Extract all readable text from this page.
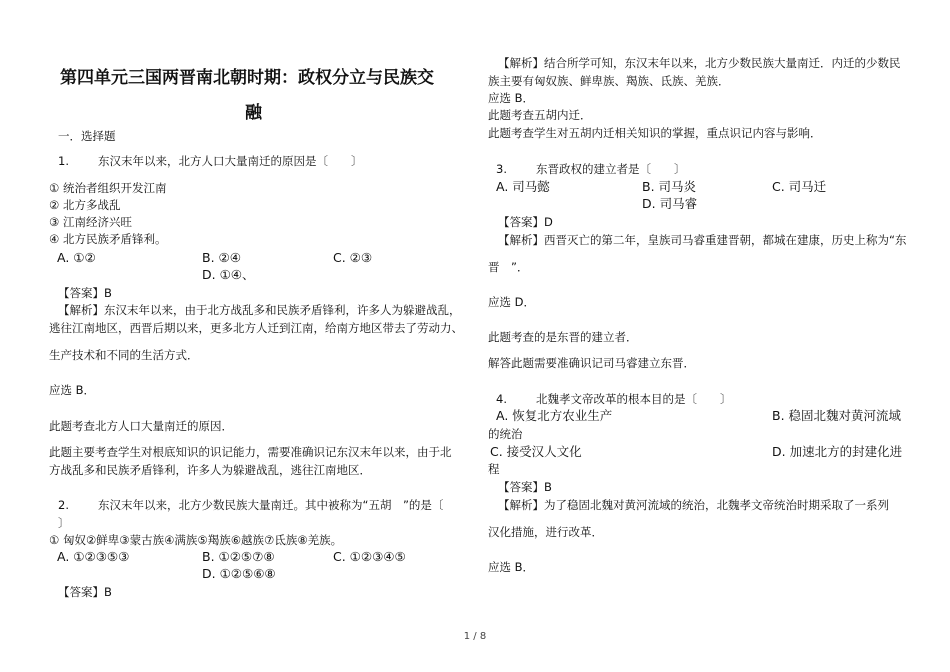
第四单元三国两晋南北朝时期：政权分立与民族交
融
一．选择题
1.	东汉末年以来，北方人口大量南迁的原因是〔　　〕
① 统治者组织开发江南
② 北方多战乱
③ 江南经济兴旺
④ 北方民族矛盾锋利。
A. ①②	B. ②④	C. ②③
D. ①④、
【答案】B
【解析】东汉末年以来，由于北方战乱多和民族矛盾锋利，许多人为躲避战乱，
逃往江南地区，西晋后期以来，更多北方人迁到江南，给南方地区带去了劳动力、
生产技术和不同的生活方式．
应选 B．
此题考查北方人口大量南迁的原因．
此题主要考查学生对根底知识的识记能力，需要准确识记东汉末年以来，由于北
方战乱多和民族矛盾锋利，许多人为躲避战乱，逃往江南地区．
2.	东汉末年以来，北方少数民族大量南迁。其中被称为“五胡　”的是〔
〕
① 匈奴②鲜卑③蒙古族④满族⑤羯族⑥越族⑦氐族⑧羌族。
A. ①②③⑤③	B. ①②⑤⑦⑧	C. ①②③④⑤
D. ①②⑤⑥⑧
【答案】B
【解析】结合所学可知，东汉末年以来，北方少数民族大量南迁．内迁的少数民
族主要有匈奴族、鲜卑族、羯族、氐族、羌族．
应选 B．
此题考查五胡内迁．
此题考查学生对五胡内迁相关知识的掌握，重点识记内容与影响．
3.	东晋政权的建立者是〔　　〕
A. 司马懿	B. 司马炎	C. 司马迁
D. 司马睿
【答案】D
【解析】西晋灭亡的第二年，皇族司马睿重建晋朝，都城在建康，历史上称为“东
晋　”．
应选 D．
此题考查的是东晋的建立者．
解答此题需要准确识记司马睿建立东晋．
4.	北魏孝文帝改革的根本目的是〔　　〕
A. 恢复北方农业生产	B. 稳固北魏对黄河流域
的统治
C. 接受汉人文化	D. 加速北方的封建化进
程
【答案】B
【解析】为了稳固北魏对黄河流域的统治，北魏孝文帝统治时期采取了一系列
汉化措施，进行改革．
应选 B．
1 / 8
